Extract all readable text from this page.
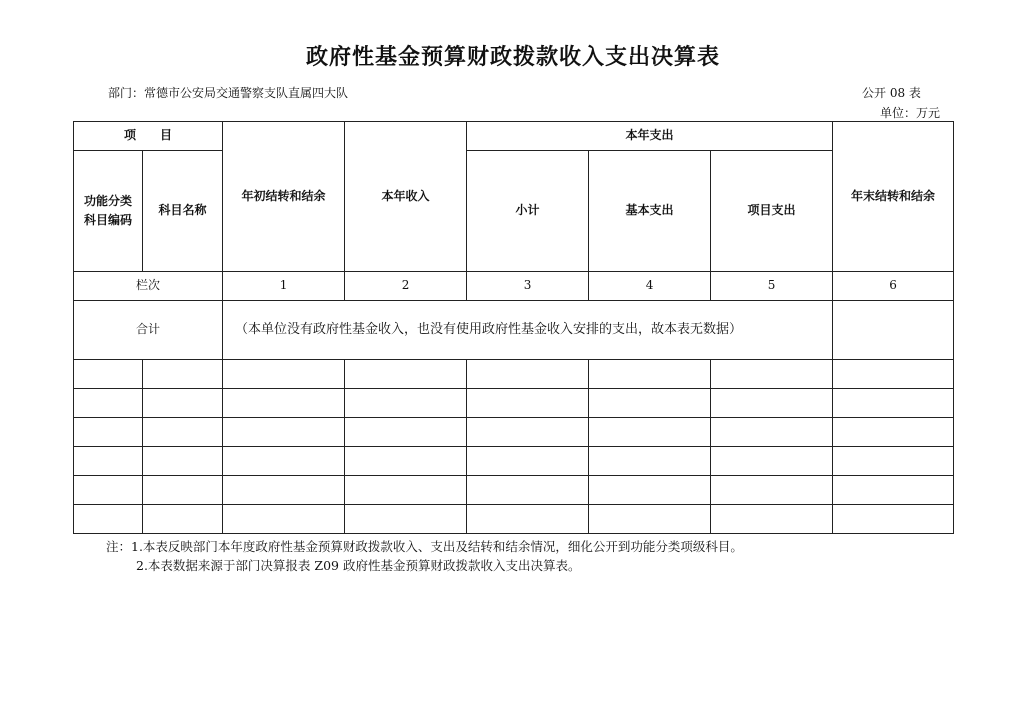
政府性基金预算财政拨款收入支出决算表
部门：常德市公安局交通警察支队直属四大队	公开 08 表
单位：万元
项　　目		年初结转和结余	本年收入	本年支出			年末结转和结余
功能分类科目编码	科目名称			小计	基本支出	项目支出	
栏次		1	2	3	4	5	6
合计		（本单位没有政府性基金收入，也没有使用政府性基金收入安排的支出，故本表无数据）					

注：1.本表反映部门本年度政府性基金预算财政拨款收入、支出及结转和结余情况，细化公开到功能分类项级科目。
2.本表数据来源于部门决算报表 Z09 政府性基金预算财政拨款收入支出决算表。
